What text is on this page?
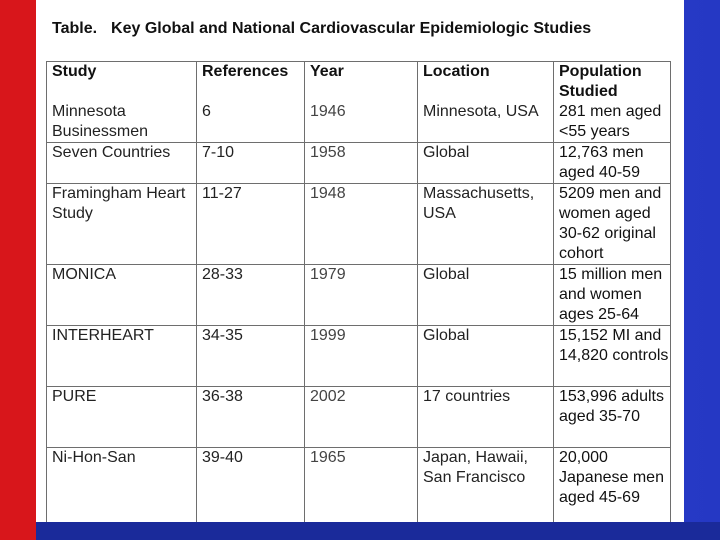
Table. Key Global and National Cardiovascular Epidemiologic Studies
Study	References	Year	Location	Population Studied
Minnesota Businessmen	6	1946	Minnesota, USA	281 men aged <55 years
Seven Countries	7-10	1958	Global	12,763 men aged 40-59
Framingham Heart Study	11-27	1948	Massachusetts, USA	5209 men and women aged 30-62 original cohort
MONICA	28-33	1979	Global	15 million men and women ages 25-64
INTERHEART	34-35	1999	Global	15,152 MI and 14,820 controls
PURE	36-38	2002	17 countries	153,996 adults aged 35-70
Ni-Hon-San	39-40	1965	Japan, Hawaii, San Francisco	20,000 Japanese men aged 45-69
